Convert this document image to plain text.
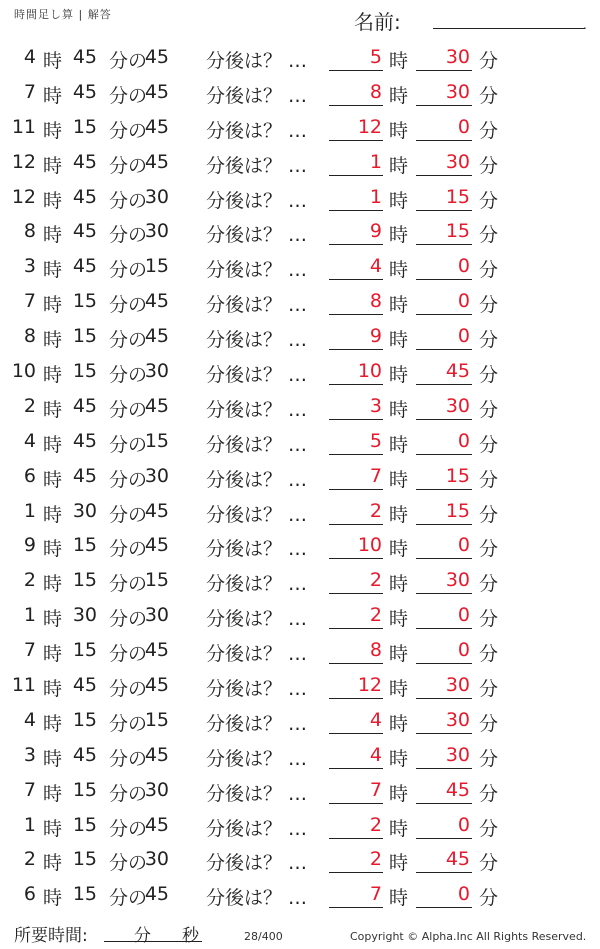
時間足し算 | 解答	名前:	.
4 時 45 分の
45 分後は？ …	5 時 30 分
7 時 45 分の
45 分後は？ …	8 時 30 分
11 時 15 分の
45 分後は？ …	12 時	0 分
12 時 45 分の
45 分後は？ …	1 時 30 分
12 時 45 分の
30 分後は？ …	1 時 15 分
8 時 45 分の
30 分後は？ …	9 時 15 分
3 時 45 分の
15 分後は？ …	4 時	0 分
7 時 15 分の
45 分後は？ …	8 時	0 分
8 時 15 分の
45 分後は？ …	9 時	0 分
10 時 15 分の
30 分後は？ …	10 時 45 分
2 時 45 分の
45 分後は？ …	3 時 30 分
4 時 45 分の
15 分後は？ …	5 時	0 分
6 時 45 分の
30 分後は？ …	7 時 15 分
1 時 30 分の
45 分後は？ …	2 時 15 分
9 時 15 分の
45 分後は？ …	10 時	0 分
2 時 15 分の
15 分後は？ …	2 時 30 分
1 時 30 分の
30 分後は？ …	2 時	0 分
7 時 15 分の
45 分後は？ …	8 時	0 分
11 時 45 分の
45 分後は？ …	12 時 30 分
4 時 15 分の
15 分後は？ …	4 時 30 分
3 時 45 分の
45 分後は？ …	4 時 30 分
7 時 15 分の
30 分後は？ …	7 時 45 分
1 時 15 分の
45 分後は？ …	2 時	0 分
2 時 15 分の
30 分後は？ …	2 時 45 分
6 時 15 分の
45 分後は？ …	7 時	0 分
所要時間:	分 秒	28/400	Copyright © Alpha.Inc All Rights Reserved.
